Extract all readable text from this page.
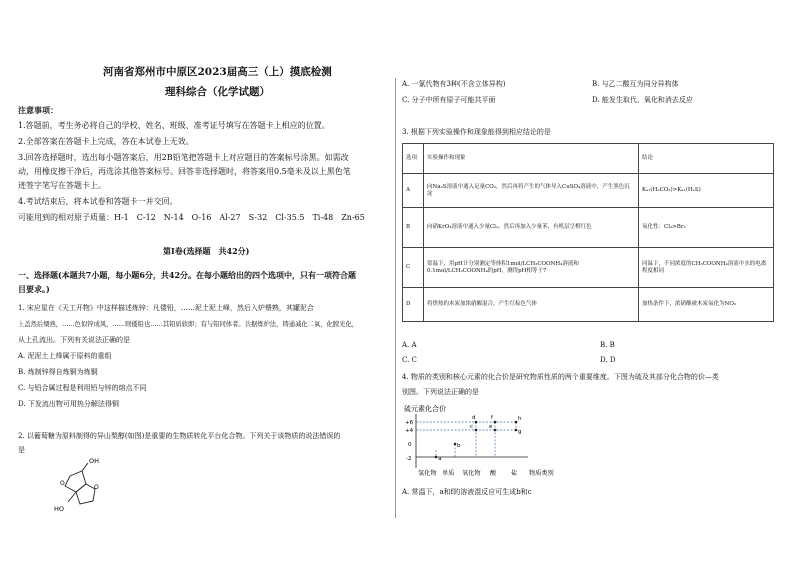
河南省郑州市中原区2023届高三（上）摸底检测
理科综合（化学试题）
注意事项：
1.答题前，考生务必将自己的学校、姓名、班级、准考证号填写在答题卡上相应的位置。
2.全部答案在答题卡上完成，答在本试卷上无效。
3.回答选择题时，选出每小题答案后，用2B铅笔把答题卡上对应题目的答案标号涂黑。如需改
动，用橡皮擦干净后，再选涂其他答案标号。回答非选择题时，将答案用0.5毫米及以上黑色笔
迹签字笔写在答题卡上。
4.考试结束后，将本试卷和答题卡一并交回。
可能用到的相对原子质量：H-1　C-12　N-14　O-16　Al-27　S-32　Cl-35.5　Ti-48　Zn-65
第Ⅰ卷(选择题　共42分)
一、选择题(本题共7小题，每小题6分，共42分。在每小题给出的四个选项中，只有一项符合题
目要求。)
1. 宋应星在《天工开物》中这样描述炼锌：凡倭铅，……泥土泥上峰，然后入炉煨熟，其罐泥合
上盖然后煨熟，……色似锌成风，……则倭铅也……其铅质软即；有与铅同体者。共据炼炉法，铸通减化二氧，化膛光化，
从上孔流出。下列有关说法正确的是
A. 泥泥土上烽属于原料的重组
B. 炼制锌得自炼铜为炼铜
C. 与铅合属过程是利用铅与锌的熔点不同
D. 下发流出物可用热分解法得铜
2. 以葡萄糖为原料制得的异山梨醇(如图)是重要的生物质转化平台化合物。下列关于该物质的说法错误的
是
OH
O
O
HO
A. 一氯代物有3种(不含立体异构)	B. 与乙二酸互为同分异构体
C. 分子中所有原子可能共平面	D. 能发生取代、氧化和消去反应
3. 根据下列实验操作和现象能得到相应结论的是
选项	实验操作和现象	结论
A	向Na₂S溶液中通入足量CO₂，然后再将产生的气体导入CuSO₄溶液中，产生黑色沉淀	Kₐ₁(H₂CO₃)>Kₐ₁(H₂S)
B	向硝KrO₄溶液中通入少量Cl₂，然后再加入少量苯，有机层呈橙红色	氧化性：Cl₂>Br₂
C	常温下，用pH计分别测定等体积1mol/LCH₃COONH₄溶液和0.1mol/LCH₃COONH₄的pH，测得pH相等于7	同温下，不同浓度的CH₃COONH₄溶液中水的电离程度相同
D	将烘热的木炭加浓硝酸混合，产生红棕色气体	加热条件下，浓硝酸被木炭氧化为NO₂
A. A	B. B
C. C	D. D
4. 物质的类别和核心元素的化合价是研究物质性质的两个重要维度。下图为硫及其部分化合物的价—类
别图。下列说法正确的是
硫元素化合价
+6
+4
0
-2	a
b
c
d
e
f
g
h
氢化物 单质 氧化物 酸 盐 物质类别
A. 常温下，a和f的溶液混反应可生成b和c
